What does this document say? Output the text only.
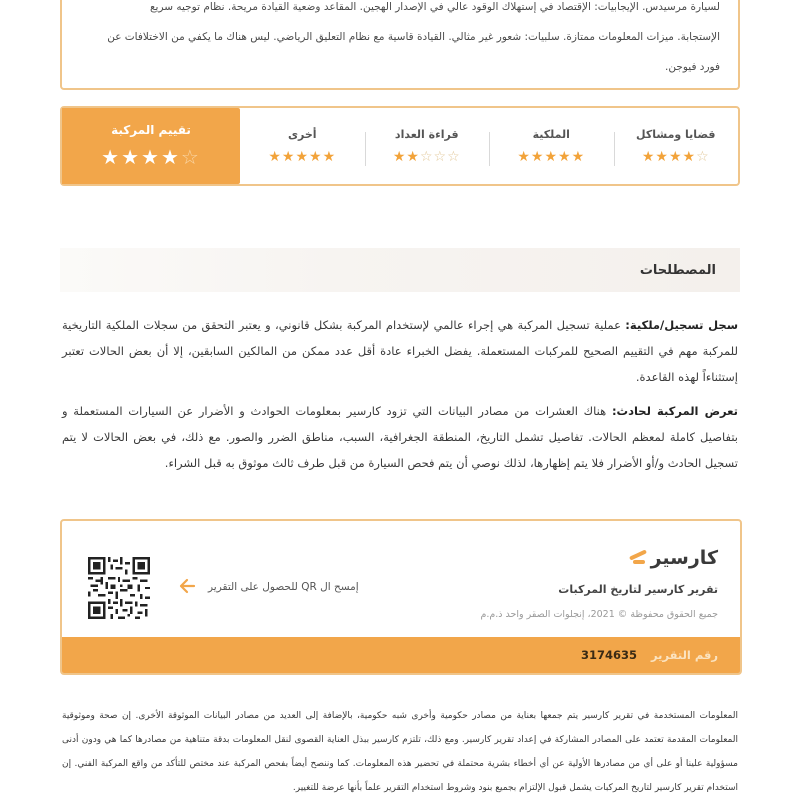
لسيارة مرسيدس. الإيجابيات: الإقتصاد في إستهلاك الوقود عالي في الإصدار الهجين. المقاعد وضعية القيادة مريحة. نظام توجيه سريع

الإستجابة. ميزات المعلومات ممتازة. سلبيات: شعور غير مثالي. القيادة قاسية مع نظام التعليق الرياضي. ليس هناك ما يكفي من الاختلافات عن

فورد فيوجن.

قضايا ومشاكل
★★★★☆
الملكية
★★★★★
قراءة العداد
★★☆☆☆
أخرى
★★★★★
تقييم المركبة
★★★★☆
المصطلحات

سجل تسجيل/ملكية: عملية تسجيل المركبة هي إجراء عالمي لإستخدام المركبة بشكل قانوني، و يعتبر التحقق من سجلات الملكية التاريخية للمركبة مهم في التقييم الصحيح للمركبات المستعملة. يفضل الخبراء عادة أقل عدد ممكن من المالكين السابقين، إلا أن بعض الحالات تعتبر إستثناءاً لهذه القاعدة.

تعرض المركبة لحادث: هناك العشرات من مصادر البيانات التي تزود كارسير بمعلومات الحوادث و الأضرار عن السيارات المستعملة و بتفاصيل كاملة لمعظم الحالات. تفاصيل تشمل التاريخ، المنطقة الجغرافية، السبب، مناطق الضرر والصور. مع ذلك، في بعض الحالات لا يتم تسجيل الحادث و/أو الأضرار فلا يتم إظهارها، لذلك نوصي أن يتم فحص السيارة من قبل طرف ثالث موثوق به قبل الشراء.

كارسير
تقرير كارسير لتاريخ المركبات
جميع الحقوق محفوظة © 2021، إنجلوات الصقر واحد ذ.م.م
إمسح ال QR للحصول على التقرير
رقم التقرير
3174635

المعلومات المستخدمة في تقرير كارسير يتم جمعها بعناية من مصادر حكومية وأخرى شبه حكومية، بالإضافة إلى العديد من مصادر البيانات الموثوقة الأخرى. إن صحة وموثوقية المعلومات المقدمة تعتمد على المصادر المشاركة في إعداد تقرير كارسير. ومع ذلك، تلتزم كارسير ببذل العناية القصوى لنقل المعلومات بدقة متناهية من مصادرها كما هي ودون أدنى مسؤولية علينا أو على أي من مصادرها الأولية عن أي أخطاء بشرية محتملة في تحضير هذه المعلومات. كما وننصح أيضاً بفحص المركبة عند مختص للتأكد من واقع المركبة الفني. إن استخدام تقرير كارسير لتاريخ المركبات يشمل قبول الإلتزام بجميع بنود وشروط استخدام التقرير علماً بأنها عرضة للتغيير.
